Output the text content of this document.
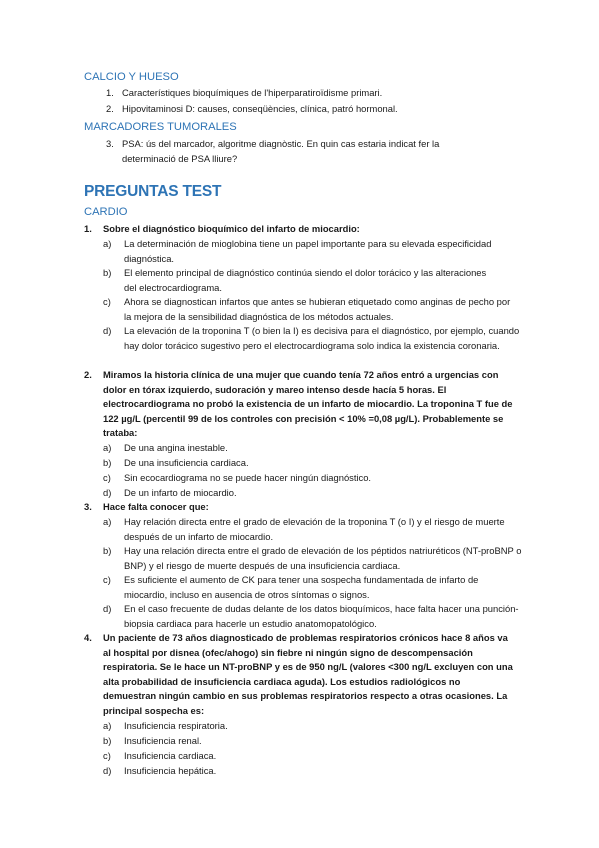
CALCIO Y HUESO
1. Característiques bioquímiques de l'hiperparatiroïdisme primari.
2. Hipovitaminosi D: causes, conseqüències, clínica, patró hormonal.
MARCADORES TUMORALES
3. PSA: ús del marcador, algoritme diagnòstic. En quin cas estaria indicat fer la determinació de PSA lliure?
PREGUNTAS TEST
CARDIO
1. Sobre el diagnóstico bioquímico del infarto de miocardio:
a) La determinación de mioglobina tiene un papel importante para su elevada especificidad diagnóstica.
b) El elemento principal de diagnóstico continúa siendo el dolor torácico y las alteraciones del electrocardiograma.
c) Ahora se diagnostican infartos que antes se hubieran etiquetado como anginas de pecho por la mejora de la sensibilidad diagnóstica de los métodos actuales.
d) La elevación de la troponina T (o bien la I) es decisiva para el diagnóstico, por ejemplo, cuando hay dolor torácico sugestivo pero el electrocardiograma solo indica la existencia coronaria.
2. Miramos la historia clínica de una mujer que cuando tenía 72 años entró a urgencias con dolor en tórax izquierdo, sudoración y mareo intenso desde hacía 5 horas. El electrocardiograma no probó la existencia de un infarto de miocardio. La troponina T fue de 122 µg/L (percentil 99 de los controles con precisión < 10% =0,08 µg/L). Probablemente se trataba:
a) De una angina inestable.
b) De una insuficiencia cardiaca.
c) Sin ecocardiograma no se puede hacer ningún diagnóstico.
d) De un infarto de miocardio.
3. Hace falta conocer que:
a) Hay relación directa entre el grado de elevación de la troponina T (o I) y el riesgo de muerte después de un infarto de miocardio.
b) Hay una relación directa entre el grado de elevación de los péptidos natriuréticos (NT-proBNP o BNP) y el riesgo de muerte después de una insuficiencia cardiaca.
c) Es suficiente el aumento de CK para tener una sospecha fundamentada de infarto de miocardio, incluso en ausencia de otros síntomas o signos.
d) En el caso frecuente de dudas delante de los datos bioquímicos, hace falta hacer una punción-biopsia cardiaca para hacerle un estudio anatomopatológico.
4. Un paciente de 73 años diagnosticado de problemas respiratorios crónicos hace 8 años va al hospital por disnea (ofec/ahogo) sin fiebre ni ningún signo de descompensación respiratoria. Se le hace un NT-proBNP y es de 950 ng/L (valores <300 ng/L excluyen con una alta probabilidad de insuficiencia cardiaca aguda). Los estudios radiológicos no demuestran ningún cambio en sus problemas respiratorios respecto a otras ocasiones. La principal sospecha es:
a) Insuficiencia respiratoria.
b) Insuficiencia renal.
c) Insuficiencia cardiaca.
d) Insuficiencia hepática.
